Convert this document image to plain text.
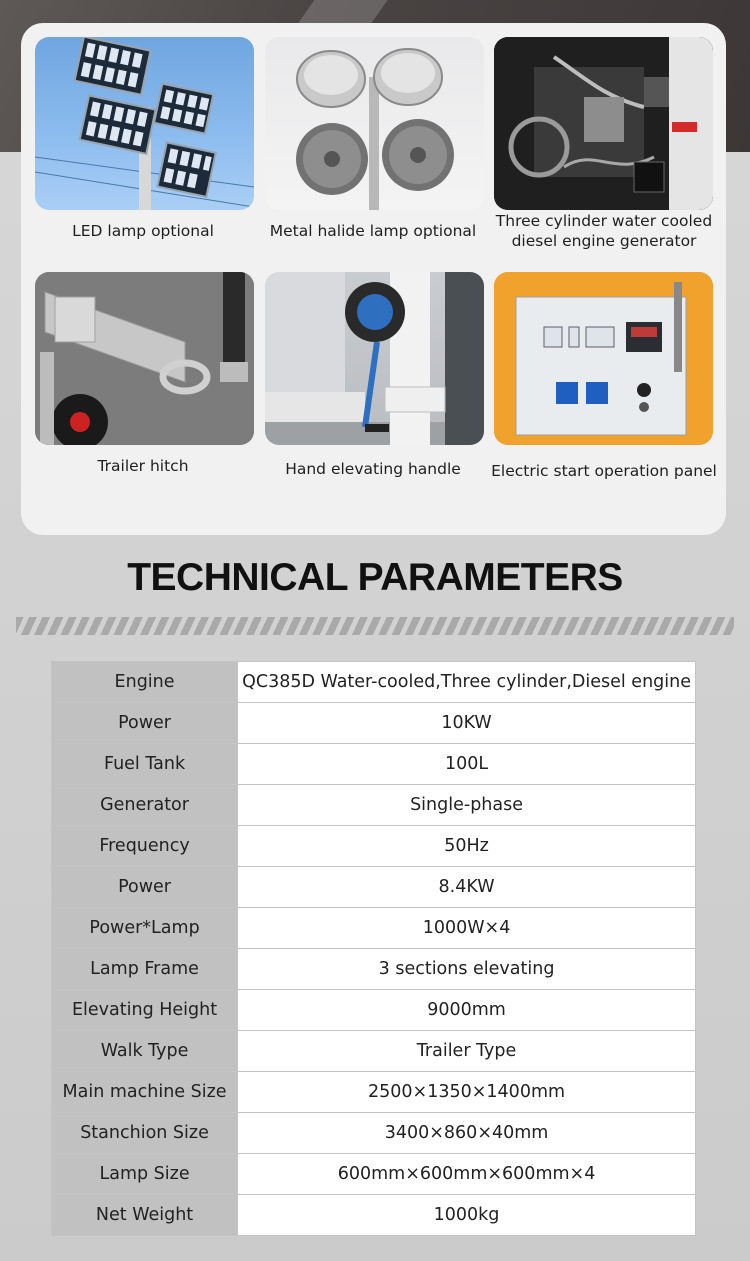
LED lamp optional	Metal halide lamp optional
Three cylinder water cooled diesel engine generator
Trailer hitch	Hand elevating handle	Electric start operation panel
TECHNICAL PARAMETERS
Engine	QC385D Water-cooled,Three cylinder,Diesel engine
Power	10KW
Fuel Tank	100L
Generator	Single-phase
Frequency	50Hz
Power	8.4KW
Power*Lamp	1000W×4
Lamp Frame	3 sections elevating
Elevating Height	9000mm
Walk Type	Trailer Type
Main machine Size	2500×1350×1400mm
Stanchion Size	3400×860×40mm
Lamp Size	600mm×600mm×600mm×4
Net Weight	1000kg
